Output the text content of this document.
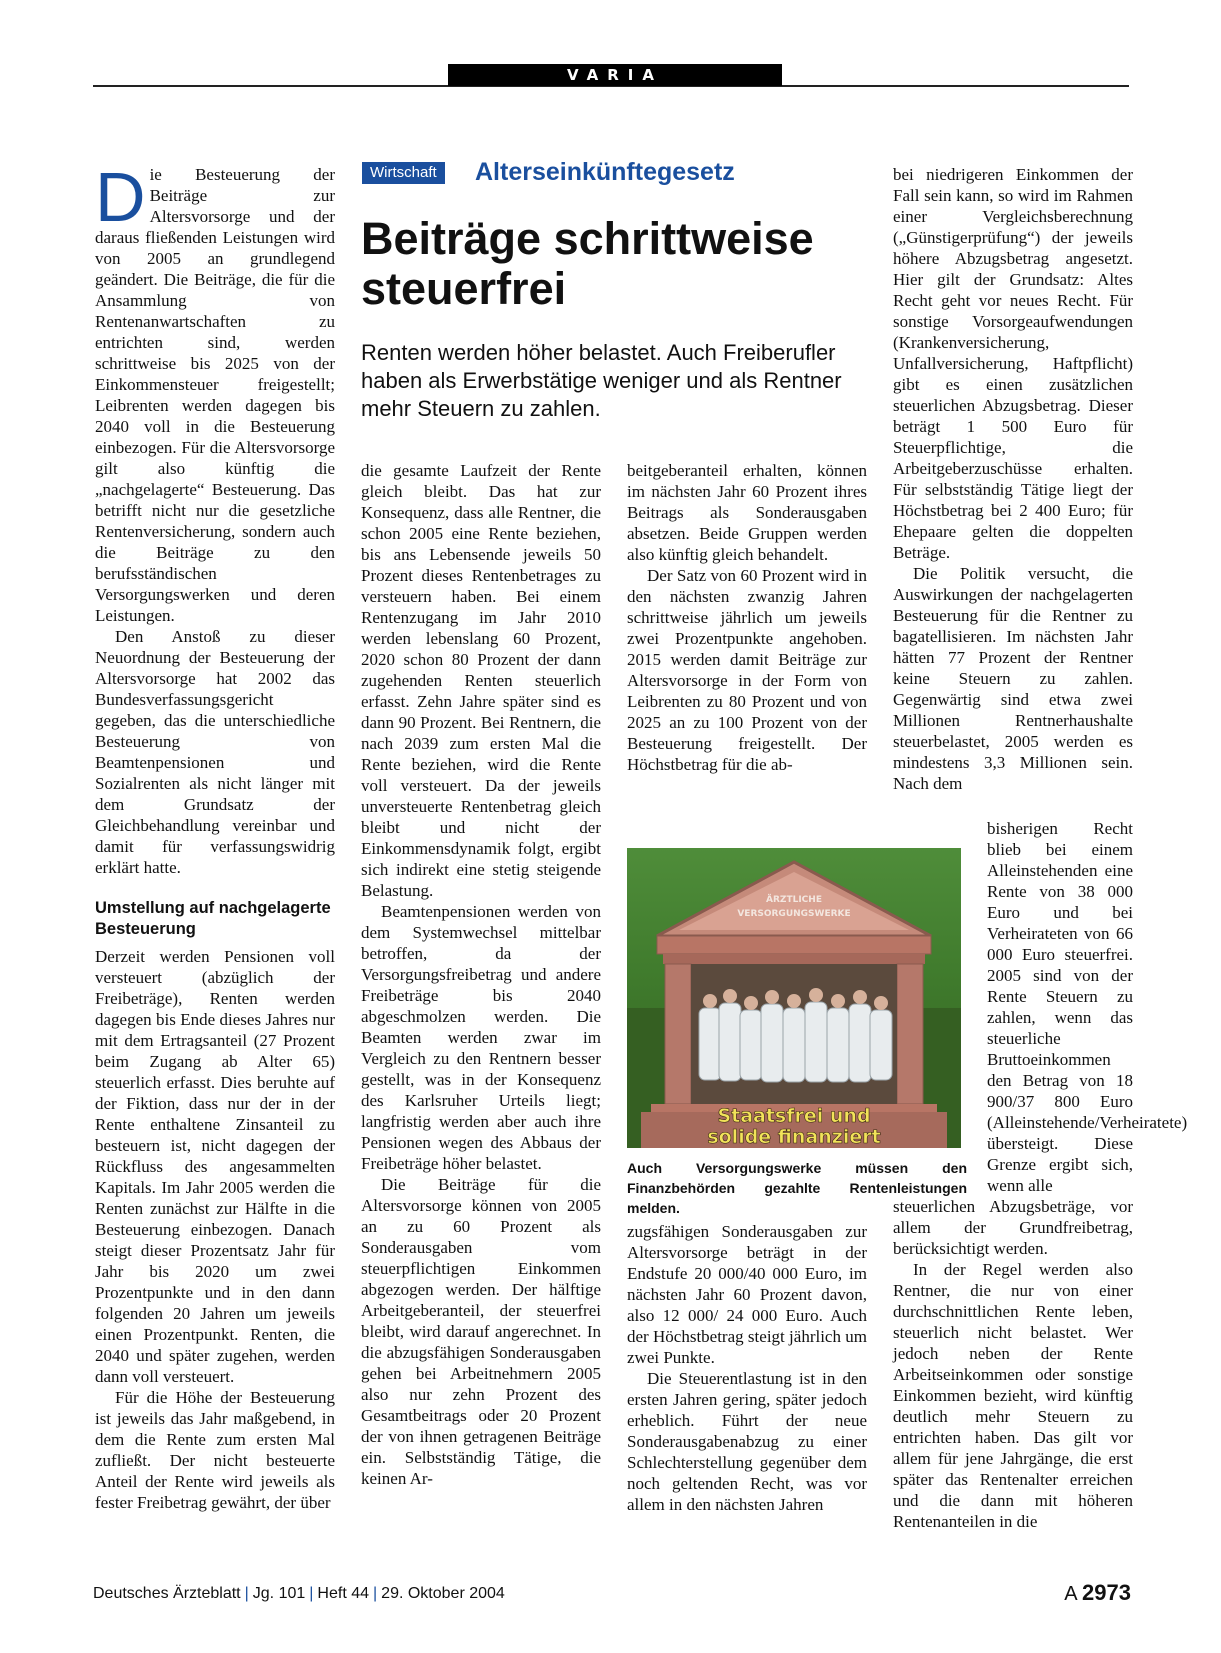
VARIA

Die Besteuerung der Beiträge zur Altersvorsorge und der daraus fließenden Leistungen wird von 2005 an grundlegend geändert. Die Beiträge, die für die Ansammlung von Rentenanwartschaften zu entrichten sind, werden schrittweise bis 2025 von der Einkommensteuer freigestellt; Leibrenten werden dagegen bis 2040 voll in die Besteuerung einbezogen. Für die Altersvorsorge gilt also künftig die „nachgelagerte“ Besteuerung. Das betrifft nicht nur die gesetzliche Rentenversicherung, sondern auch die Beiträge zu den berufsständischen Versorgungswerken und deren Leistungen.

Den Anstoß zu dieser Neuordnung der Besteuerung der Altersvorsorge hat 2002 das Bundesverfassungsgericht gegeben, das die unterschiedliche Besteuerung von Beamtenpensionen und Sozialrenten als nicht länger mit dem Grundsatz der Gleichbehandlung vereinbar und damit für verfassungswidrig erklärt hatte.

Umstellung auf nachgelagerte Besteuerung

Derzeit werden Pensionen voll versteuert (abzüglich der Freibeträge), Renten werden dagegen bis Ende dieses Jahres nur mit dem Ertragsanteil (27 Prozent beim Zugang ab Alter 65) steuerlich erfasst. Dies beruhte auf der Fiktion, dass nur der in der Rente enthaltene Zinsanteil zu besteuern ist, nicht dagegen der Rückfluss des angesammelten Kapitals. Im Jahr 2005 werden die Renten zunächst zur Hälfte in die Besteuerung einbezogen. Danach steigt dieser Prozentsatz Jahr für Jahr bis 2020 um zwei Prozentpunkte und in den dann folgenden 20 Jahren um jeweils einen Prozentpunkt. Renten, die 2040 und später zugehen, werden dann voll versteuert.

Für die Höhe der Besteuerung ist jeweils das Jahr maßgebend, in dem die Rente zum ersten Mal zufließt. Der nicht besteuerte Anteil der Rente wird jeweils als fester Freibetrag gewährt, der über

Wirtschaft	Alterseinkünftegesetz
Beiträge schrittweise steuerfrei

Renten werden höher belastet. Auch Freiberufler haben als Erwerbstätige weniger und als Rentner mehr Steuern zu zahlen.

die gesamte Laufzeit der Rente gleich bleibt. Das hat zur Konsequenz, dass alle Rentner, die schon 2005 eine Rente beziehen, bis ans Lebensende jeweils 50 Prozent dieses Rentenbetrages zu versteuern haben. Bei einem Rentenzugang im Jahr 2010 werden lebenslang 60 Prozent, 2020 schon 80 Prozent der dann zugehenden Renten steuerlich erfasst. Zehn Jahre später sind es dann 90 Prozent. Bei Rentnern, die nach 2039 zum ersten Mal die Rente beziehen, wird die Rente voll versteuert. Da der jeweils unversteuerte Rentenbetrag gleich bleibt und nicht der Einkommensdynamik folgt, ergibt sich indirekt eine stetig steigende Belastung.

Beamtenpensionen werden von dem Systemwechsel mittelbar betroffen, da der Versorgungsfreibetrag und andere Freibeträge bis 2040 abgeschmolzen werden. Die Beamten werden zwar im Vergleich zu den Rentnern besser gestellt, was in der Konsequenz des Karlsruher Urteils liegt; langfristig werden aber auch ihre Pensionen wegen des Abbaus der Freibeträge höher belastet.

Die Beiträge für die Altersvorsorge können von 2005 an zu 60 Prozent als Sonderausgaben vom steuerpflichtigen Einkommen abgezogen werden. Der hälftige Arbeitgeberanteil, der steuerfrei bleibt, wird darauf angerechnet. In die abzugsfähigen Sonderausgaben gehen bei Arbeitnehmern 2005 also nur zehn Prozent des Gesamtbeitrags oder 20 Prozent der von ihnen getragenen Beiträge ein. Selbstständig Tätige, die keinen Ar-

beitgeberanteil erhalten, können im nächsten Jahr 60 Prozent ihres Beitrags als Sonderausgaben absetzen. Beide Gruppen werden also künftig gleich behandelt.

Der Satz von 60 Prozent wird in den nächsten zwanzig Jahren schrittweise jährlich um jeweils zwei Prozentpunkte angehoben. 2015 werden damit Beiträge zur Altersvorsorge in der Form von Leibrenten zu 80 Prozent und von 2025 an zu 100 Prozent von der Besteuerung freigestellt. Der Höchstbetrag für die ab-

ÄRZTLICHE
VERSORGUNGSWERKE
Staatsfrei und
solide finanziert
Auch Versorgungswerke müssen den Finanzbehörden gezahlte Rentenleistungen melden.

zugsfähigen Sonderausgaben zur Altersvorsorge beträgt in der Endstufe 20 000/40 000 Euro, im nächsten Jahr 60 Prozent davon, also 12 000/ 24 000 Euro. Auch der Höchstbetrag steigt jährlich um zwei Punkte.

Die Steuerentlastung ist in den ersten Jahren gering, später jedoch erheblich. Führt der neue Sonderausgabenabzug zu einer Schlechterstellung gegenüber dem noch geltenden Recht, was vor allem in den nächsten Jahren

bei niedrigeren Einkommen der Fall sein kann, so wird im Rahmen einer Vergleichsberechnung („Günstigerprüfung“) der jeweils höhere Abzugsbetrag angesetzt. Hier gilt der Grundsatz: Altes Recht geht vor neues Recht. Für sonstige Vorsorgeaufwendungen (Krankenversicherung, Unfallversicherung, Haftpflicht) gibt es einen zusätzlichen steuerlichen Abzugsbetrag. Dieser beträgt 1 500 Euro für Steuerpflichtige, die Arbeitgeberzuschüsse erhalten. Für selbstständig Tätige liegt der Höchstbetrag bei 2 400 Euro; für Ehepaare gelten die doppelten Beträge.

Die Politik versucht, die Auswirkungen der nachgelagerten Besteuerung für die Rentner zu bagatellisieren. Im nächsten Jahr hätten 77 Prozent der Rentner keine Steuern zu zahlen. Gegenwärtig sind etwa zwei Millionen Rentnerhaushalte steuerbelastet, 2005 werden es mindestens 3,3 Millionen sein. Nach dem

bisherigen Recht blieb bei einem Alleinstehenden eine Rente von 38 000 Euro und bei Verheirateten von 66 000 Euro steuerfrei. 2005 sind von der Rente Steuern zu zahlen, wenn das steuerliche Bruttoeinkommen den Betrag von 18 900/37 800 Euro (Alleinstehende/Verheiratete) übersteigt. Diese Grenze ergibt sich, wenn alle

steuerlichen Abzugsbeträge, vor allem der Grundfreibetrag, berücksichtigt werden.

In der Regel werden also Rentner, die nur von einer durchschnittlichen Rente leben, steuerlich nicht belastet. Wer jedoch neben der Rente Arbeitseinkommen oder sonstige Einkommen bezieht, wird künftig deutlich mehr Steuern zu entrichten haben. Das gilt vor allem für jene Jahrgänge, die erst später das Rentenalter erreichen und die dann mit höheren Rentenanteilen in die

Deutsches Ärzteblatt | Jg. 101 | Heft 44 | 29. Oktober 2004	A 2973
